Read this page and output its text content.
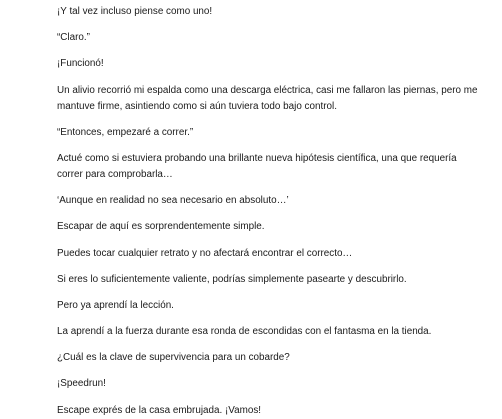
¡Y tal vez incluso piense como uno!

“Claro.”

¡Funcionó!

Un alivio recorrió mi espalda como una descarga eléctrica, casi me fallaron las piernas, pero me mantuve firme, asintiendo como si aún tuviera todo bajo control.

“Entonces, empezaré a correr.”

Actué como si estuviera probando una brillante nueva hipótesis científica, una que requería correr para comprobarla…

‘Aunque en realidad no sea necesario en absoluto…’

Escapar de aquí es sorprendentemente simple.

Puedes tocar cualquier retrato y no afectará encontrar el correcto…

Si eres lo suficientemente valiente, podrías simplemente pasearte y descubrirlo.

Pero ya aprendí la lección.

La aprendí a la fuerza durante esa ronda de escondidas con el fantasma en la tienda.

¿Cuál es la clave de supervivencia para un cobarde?

¡Speedrun!

Escape exprés de la casa embrujada. ¡Vamos!
